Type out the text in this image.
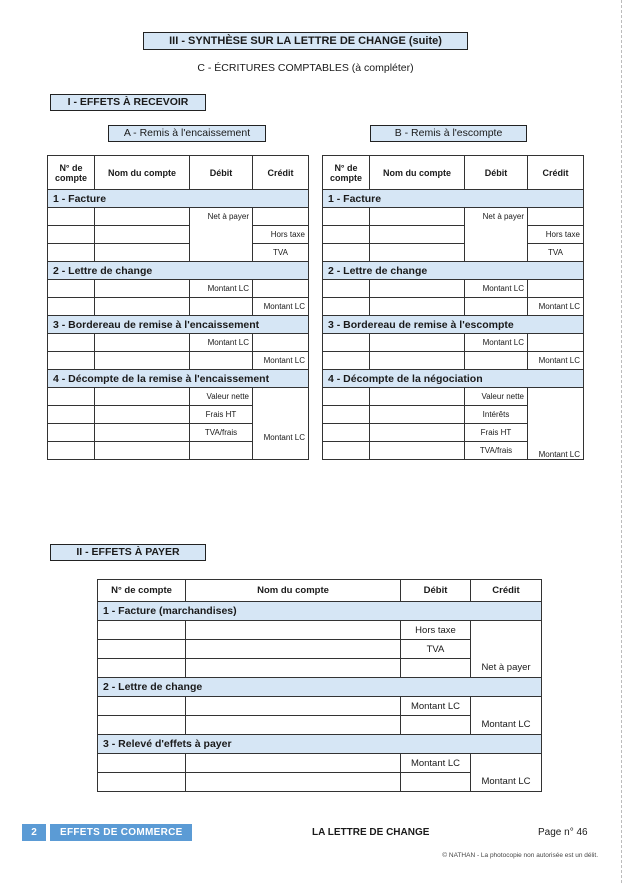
III - SYNTHÈSE SUR LA LETTRE DE CHANGE (suite)
C - ÉCRITURES COMPTABLES (à compléter)
I - EFFETS À RECEVOIR
A - Remis à l'encaissement	B - Remis à l'escompte
N° de
compte	Nom du compte	Débit	Crédit
1 - Facture			
		Net à payer	
			Hors taxe
			TVA
2 - Lettre de change			
		Montant LC	
			Montant LC
3 - Bordereau de remise à l'encaissement			
		Montant LC	
			Montant LC
4 - Décompte de la remise à l'encaissement			
		Valeur nette	
		Frais HT	
		TVA/frais	Montant LC

N° de
compte	Nom du compte	Débit	Crédit
1 - Facture			
		Net à payer	
			Hors taxe
			TVA
2 - Lettre de change			
		Montant LC	
			Montant LC
3 - Bordereau de remise à l'escompte			
		Montant LC	
			Montant LC
4 - Décompte de la négociation			
		Valeur nette	
		Intérêts	
		Frais HT	
		TVA/frais	Montant LC
II - EFFETS À PAYER
N° de compte	Nom du compte	Débit	Crédit
1 - Facture (marchandises)			
		Hors taxe	
		TVA	
			Net à payer
2 - Lettre de change			
		Montant LC	
			Montant LC
3 - Relevé d'effets à payer			
		Montant LC	
			Montant LC
2	EFFETS DE COMMERCE	LA LETTRE DE CHANGE	Page n° 46
© NATHAN - La photocopie non autorisée est un délit.
